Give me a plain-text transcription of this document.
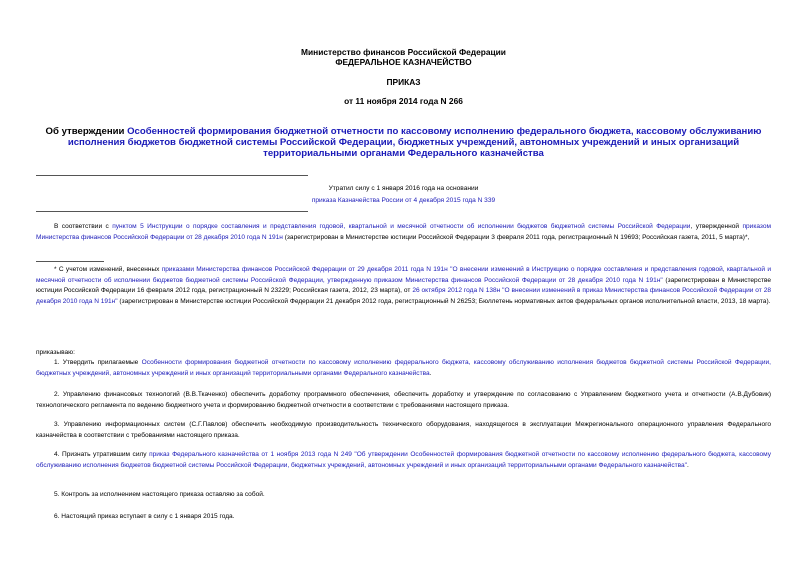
Министерство финансов Российской Федерации
ФЕДЕРАЛЬНОЕ КАЗНАЧЕЙСТВО
ПРИКАЗ
от 11 ноября 2014 года N 266
Об утверждении Особенностей формирования бюджетной отчетности по кассовому исполнению федерального бюджета, кассовому обслуживанию исполнения бюджетов бюджетной системы Российской Федерации, бюджетных учреждений, автономных учреждений и иных организаций территориальными органами Федерального казначейства
Утратил силу с 1 января 2016 года на основании
приказа Казначейства России от 4 декабря 2015 года N 339
В соответствии с пунктом 5 Инструкции о порядке составления и представления годовой, квартальной и месячной отчетности об исполнении бюджетов бюджетной системы Российской Федерации, утвержденной приказом Министерства финансов Российской Федерации от 28 декабря 2010 года N 191н (зарегистрирован в Министерстве юстиции Российской Федерации 3 февраля 2011 года, регистрационный N 19693; Российская газета, 2011, 5 марта)*,
* С учетом изменений, внесенных приказами Министерства финансов Российской Федерации от 29 декабря 2011 года N 191н "О внесении изменений в Инструкцию о порядке составления и представления годовой, квартальной и месячной отчетности об исполнении бюджетов бюджетной системы Российской Федерации, утвержденную приказом Министерства финансов Российской Федерации от 28 декабря 2010 года N 191н" (зарегистрирован в Министерстве юстиции Российской Федерации 16 февраля 2012 года, регистрационный N 23229; Российская газета, 2012, 23 марта), от 26 октября 2012 года N 138н "О внесении изменений в приказ Министерства финансов Российской Федерации от 28 декабря 2010 года N 191н" (зарегистрирован в Министерстве юстиции Российской Федерации 21 декабря 2012 года, регистрационный N 26253; Бюллетень нормативных актов федеральных органов исполнительной власти, 2013, 18 марта).
приказываю:
1. Утвердить прилагаемые Особенности формирования бюджетной отчетности по кассовому исполнению федерального бюджета, кассовому обслуживанию исполнения бюджетов бюджетной системы Российской Федерации, бюджетных учреждений, автономных учреждений и иных организаций территориальными органами Федерального казначейства.
2. Управлению финансовых технологий (В.В.Ткаченко) обеспечить доработку программного обеспечения, обеспечить доработку и утверждение по согласованию с Управлением бюджетного учета и отчетности (А.В.Дубовик) технологического регламента по ведению бюджетного учета и формированию бюджетной отчетности в соответствии с требованиями настоящего приказа.
3. Управлению информационных систем (С.Г.Павлов) обеспечить необходимую производительность технического оборудования, находящегося в эксплуатации Межрегионального операционного управления Федерального казначейства в соответствии с требованиями настоящего приказа.
4. Признать утратившим силу приказ Федерального казначейства от 1 ноября 2013 года N 249 "Об утверждении Особенностей формирования бюджетной отчетности по кассовому исполнению федерального бюджета, кассовому обслуживанию исполнения бюджетов бюджетной системы Российской Федерации, бюджетных учреждений, автономных учреждений и иных организаций территориальными органами Федерального казначейства".
5. Контроль за исполнением настоящего приказа оставляю за собой.
6. Настоящий приказ вступает в силу с 1 января 2015 года.
